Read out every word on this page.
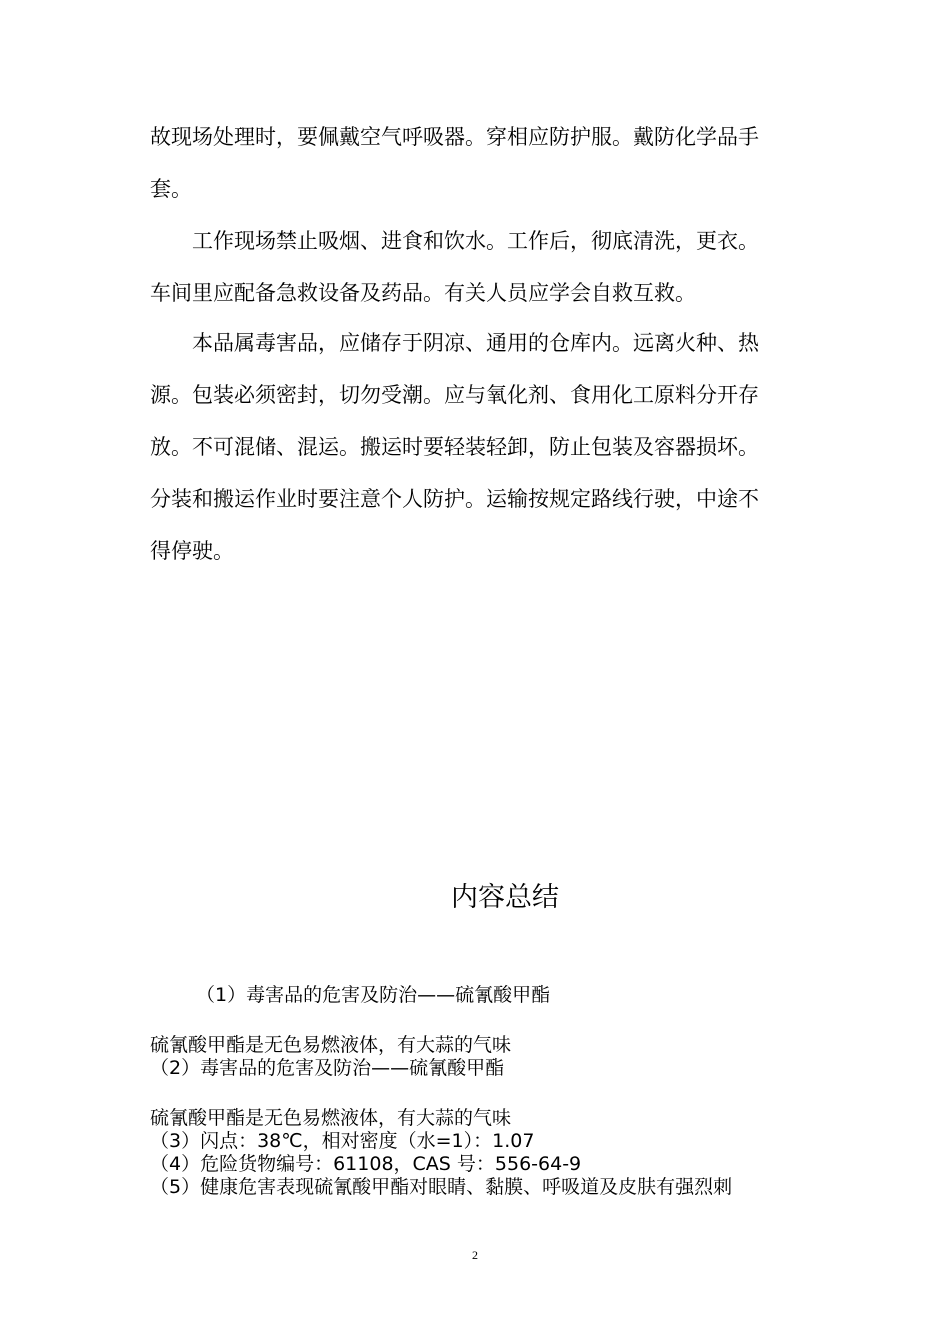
故现场处理时，要佩戴空气呼吸器。穿相应防护服。戴防化学品手
套。
工作现场禁止吸烟、进食和饮水。工作后，彻底清洗，更衣。
车间里应配备急救设备及药品。有关人员应学会自救互救。
本品属毒害品，应储存于阴凉、通用的仓库内。远离火种、热
源。包装必须密封，切勿受潮。应与氧化剂、食用化工原料分开存
放。不可混储、混运。搬运时要轻装轻卸，防止包装及容器损坏。
分装和搬运作业时要注意个人防护。运输按规定路线行驶，中途不
得停驶。
内容总结
（1）毒害品的危害及防治——硫氰酸甲酯
硫氰酸甲酯是无色易燃液体，有大蒜的气味
（2）毒害品的危害及防治——硫氰酸甲酯
硫氰酸甲酯是无色易燃液体，有大蒜的气味
（3）闪点：38℃，相对密度（水=1）：1.07
（4）危险货物编号：61108，CAS 号：556-64-9
（5）健康危害表现硫氰酸甲酯对眼睛、黏膜、呼吸道及皮肤有强烈刺
2
